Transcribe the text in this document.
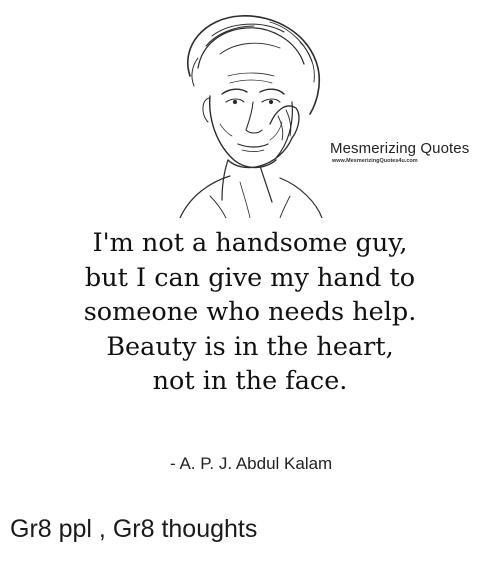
Mesmerizing Quotes
www.MesmerizingQuotes4u.com
I'm not a handsome guy,
but I can give my hand to
someone who needs help.
Beauty is in the heart,
not in the face.
- A. P. J. Abdul Kalam
Gr8 ppl , Gr8 thoughts
